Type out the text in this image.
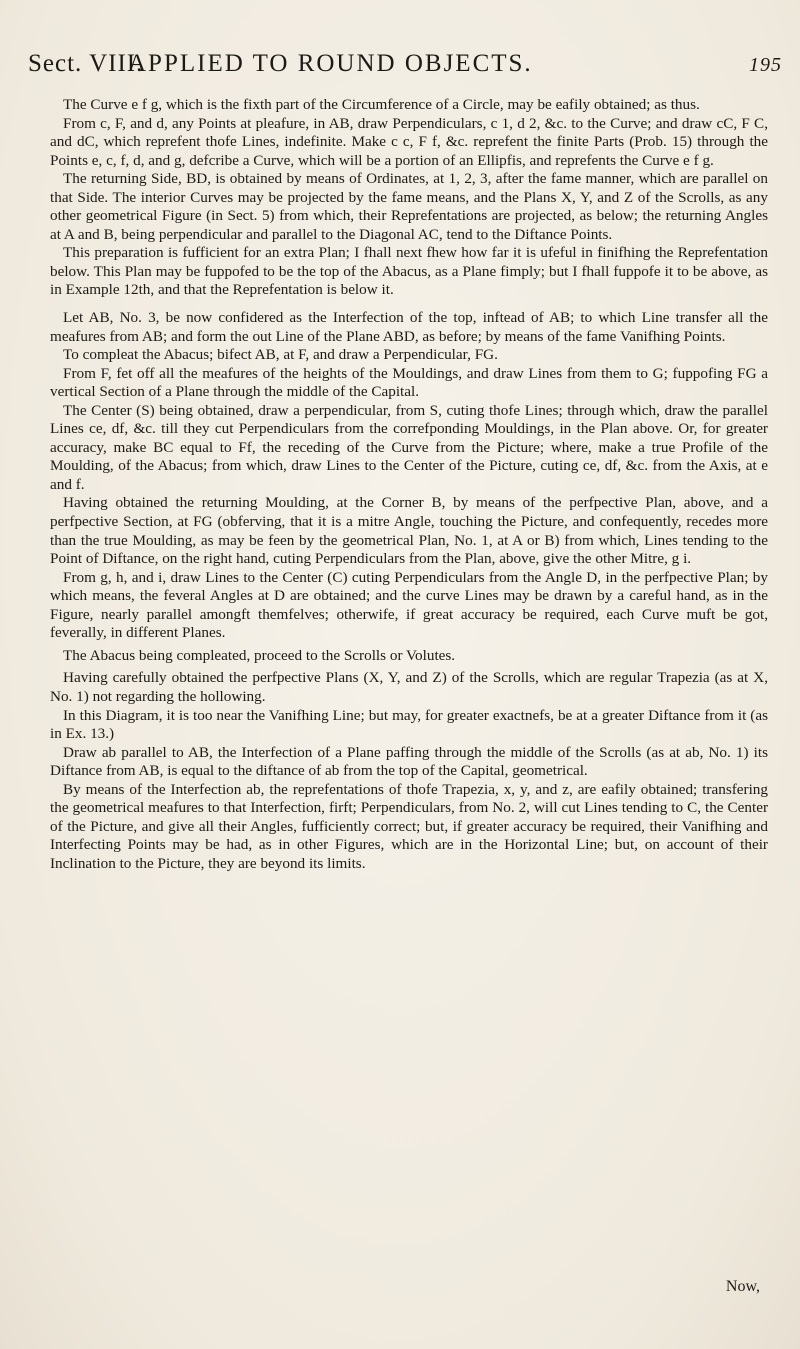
Sect. VIII.
APPLIED TO ROUND OBJECTS.	195

The Curve e f g, which is the fixth part of the Circumference of a Circle, may be eafily obtained; as thus.

From c, F, and d, any Points at pleafure, in AB, draw Perpendiculars, c 1, d 2, &c. to the Curve; and draw cC, F C, and dC, which reprefent thofe Lines, indefinite. Make c c, F f, &c. reprefent the finite Parts (Prob. 15) through the Points e, c, f, d, and g, defcribe a Curve, which will be a portion of an Ellipfis, and reprefents the Curve e f g.

The returning Side, BD, is obtained by means of Ordinates, at 1, 2, 3, after the fame manner, which are parallel on that Side. The interior Curves may be projected by the fame means, and the Plans X, Y, and Z of the Scrolls, as any other geometrical Figure (in Sect. 5) from which, their Reprefentations are projected, as below; the returning Angles at A and B, being perpendicular and parallel to the Diagonal AC, tend to the Diftance Points.

This preparation is fufficient for an extra Plan; I fhall next fhew how far it is ufeful in finifhing the Reprefentation below. This Plan may be fuppofed to be the top of the Abacus, as a Plane fimply; but I fhall fuppofe it to be above, as in Example 12th, and that the Reprefentation is below it.

Let AB, No. 3, be now confidered as the Interfection of the top, inftead of AB; to which Line transfer all the meafures from AB; and form the out Line of the Plane ABD, as before; by means of the fame Vanifhing Points.

To compleat the Abacus; bifect AB, at F, and draw a Perpendicular, FG.

From F, fet off all the meafures of the heights of the Mouldings, and draw Lines from them to G; fuppofing FG a vertical Section of a Plane through the middle of the Capital.

The Center (S) being obtained, draw a perpendicular, from S, cuting thofe Lines; through which, draw the parallel Lines ce, df, &c. till they cut Perpendiculars from the correfponding Mouldings, in the Plan above. Or, for greater accuracy, make BC equal to Ff, the receding of the Curve from the Picture; where, make a true Profile of the Moulding, of the Abacus; from which, draw Lines to the Center of the Picture, cuting ce, df, &c. from the Axis, at e and f.

Having obtained the returning Moulding, at the Corner B, by means of the perfpective Plan, above, and a perfpective Section, at FG (obferving, that it is a mitre Angle, touching the Picture, and confequently, recedes more than the true Moulding, as may be feen by the geometrical Plan, No. 1, at A or B) from which, Lines tending to the Point of Diftance, on the right hand, cuting Perpendiculars from the Plan, above, give the other Mitre, g i.

From g, h, and i, draw Lines to the Center (C) cuting Perpendiculars from the Angle D, in the perfpective Plan; by which means, the feveral Angles at D are obtained; and the curve Lines may be drawn by a careful hand, as in the Figure, nearly parallel amongft themfelves; otherwife, if great accuracy be required, each Curve muft be got, feverally, in different Planes.

The Abacus being compleated, proceed to the Scrolls or Volutes.

Having carefully obtained the perfpective Plans (X, Y, and Z) of the Scrolls, which are regular Trapezia (as at X, No. 1) not regarding the hollowing.

In this Diagram, it is too near the Vanifhing Line; but may, for greater exactnefs, be at a greater Diftance from it (as in Ex. 13.)

Draw ab parallel to AB, the Interfection of a Plane paffing through the middle of the Scrolls (as at ab, No. 1) its Diftance from AB, is equal to the diftance of ab from the top of the Capital, geometrical.

By means of the Interfection ab, the reprefentations of thofe Trapezia, x, y, and z, are eafily obtained; transfering the geometrical meafures to that Interfection, firft; Perpendiculars, from No. 2, will cut Lines tending to C, the Center of the Picture, and give all their Angles, fufficiently correct; but, if greater accuracy be required, their Vanifhing and Interfecting Points may be had, as in other Figures, which are in the Horizontal Line; but, on account of their Inclination to the Picture, they are beyond its limits.

Now,
